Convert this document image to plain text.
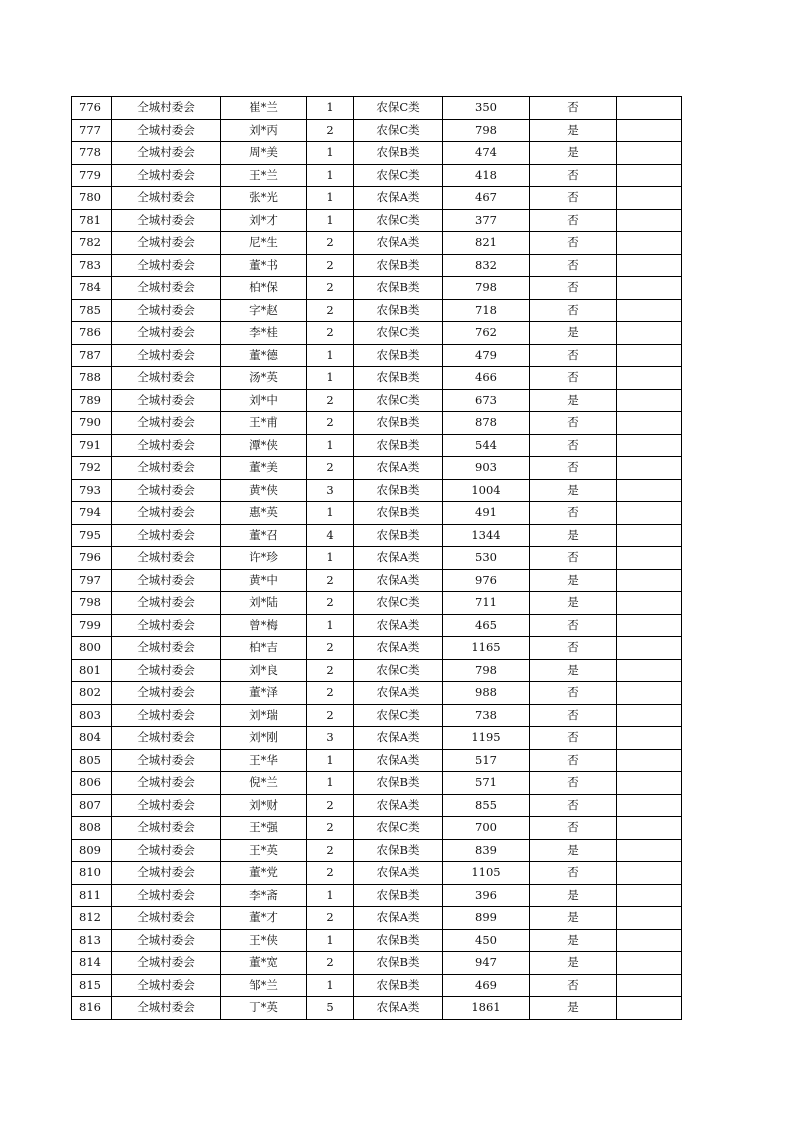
776	仝城村委会	崔*兰	1	农保C类	350	否	
777	仝城村委会	刘*丙	2	农保C类	798	是	
778	仝城村委会	周*美	1	农保B类	474	是	
779	仝城村委会	王*兰	1	农保C类	418	否	
780	仝城村委会	张*光	1	农保A类	467	否	
781	仝城村委会	刘*才	1	农保C类	377	否	
782	仝城村委会	尼*生	2	农保A类	821	否	
783	仝城村委会	董*书	2	农保B类	832	否	
784	仝城村委会	柏*保	2	农保B类	798	否	
785	仝城村委会	字*赵	2	农保B类	718	否	
786	仝城村委会	李*桂	2	农保C类	762	是	
787	仝城村委会	董*德	1	农保B类	479	否	
788	仝城村委会	汤*英	1	农保B类	466	否	
789	仝城村委会	刘*中	2	农保C类	673	是	
790	仝城村委会	王*甫	2	农保B类	878	否	
791	仝城村委会	潭*侠	1	农保B类	544	否	
792	仝城村委会	董*美	2	农保A类	903	否	
793	仝城村委会	黄*侠	3	农保B类	1004	是	
794	仝城村委会	惠*英	1	农保B类	491	否	
795	仝城村委会	董*召	4	农保B类	1344	是	
796	仝城村委会	许*珍	1	农保A类	530	否	
797	仝城村委会	黄*中	2	农保A类	976	是	
798	仝城村委会	刘*陆	2	农保C类	711	是	
799	仝城村委会	曾*梅	1	农保A类	465	否	
800	仝城村委会	柏*吉	2	农保A类	1165	否	
801	仝城村委会	刘*良	2	农保C类	798	是	
802	仝城村委会	董*泽	2	农保A类	988	否	
803	仝城村委会	刘*瑞	2	农保C类	738	否	
804	仝城村委会	刘*刚	3	农保A类	1195	否	
805	仝城村委会	王*华	1	农保A类	517	否	
806	仝城村委会	倪*兰	1	农保B类	571	否	
807	仝城村委会	刘*财	2	农保A类	855	否	
808	仝城村委会	王*强	2	农保C类	700	否	
809	仝城村委会	王*英	2	农保B类	839	是	
810	仝城村委会	董*党	2	农保A类	1105	否	
811	仝城村委会	李*斋	1	农保B类	396	是	
812	仝城村委会	董*才	2	农保A类	899	是	
813	仝城村委会	王*侠	1	农保B类	450	是	
814	仝城村委会	董*宽	2	农保B类	947	是	
815	仝城村委会	邹*兰	1	农保B类	469	否	
816	仝城村委会	丁*英	5	农保A类	1861	是	
